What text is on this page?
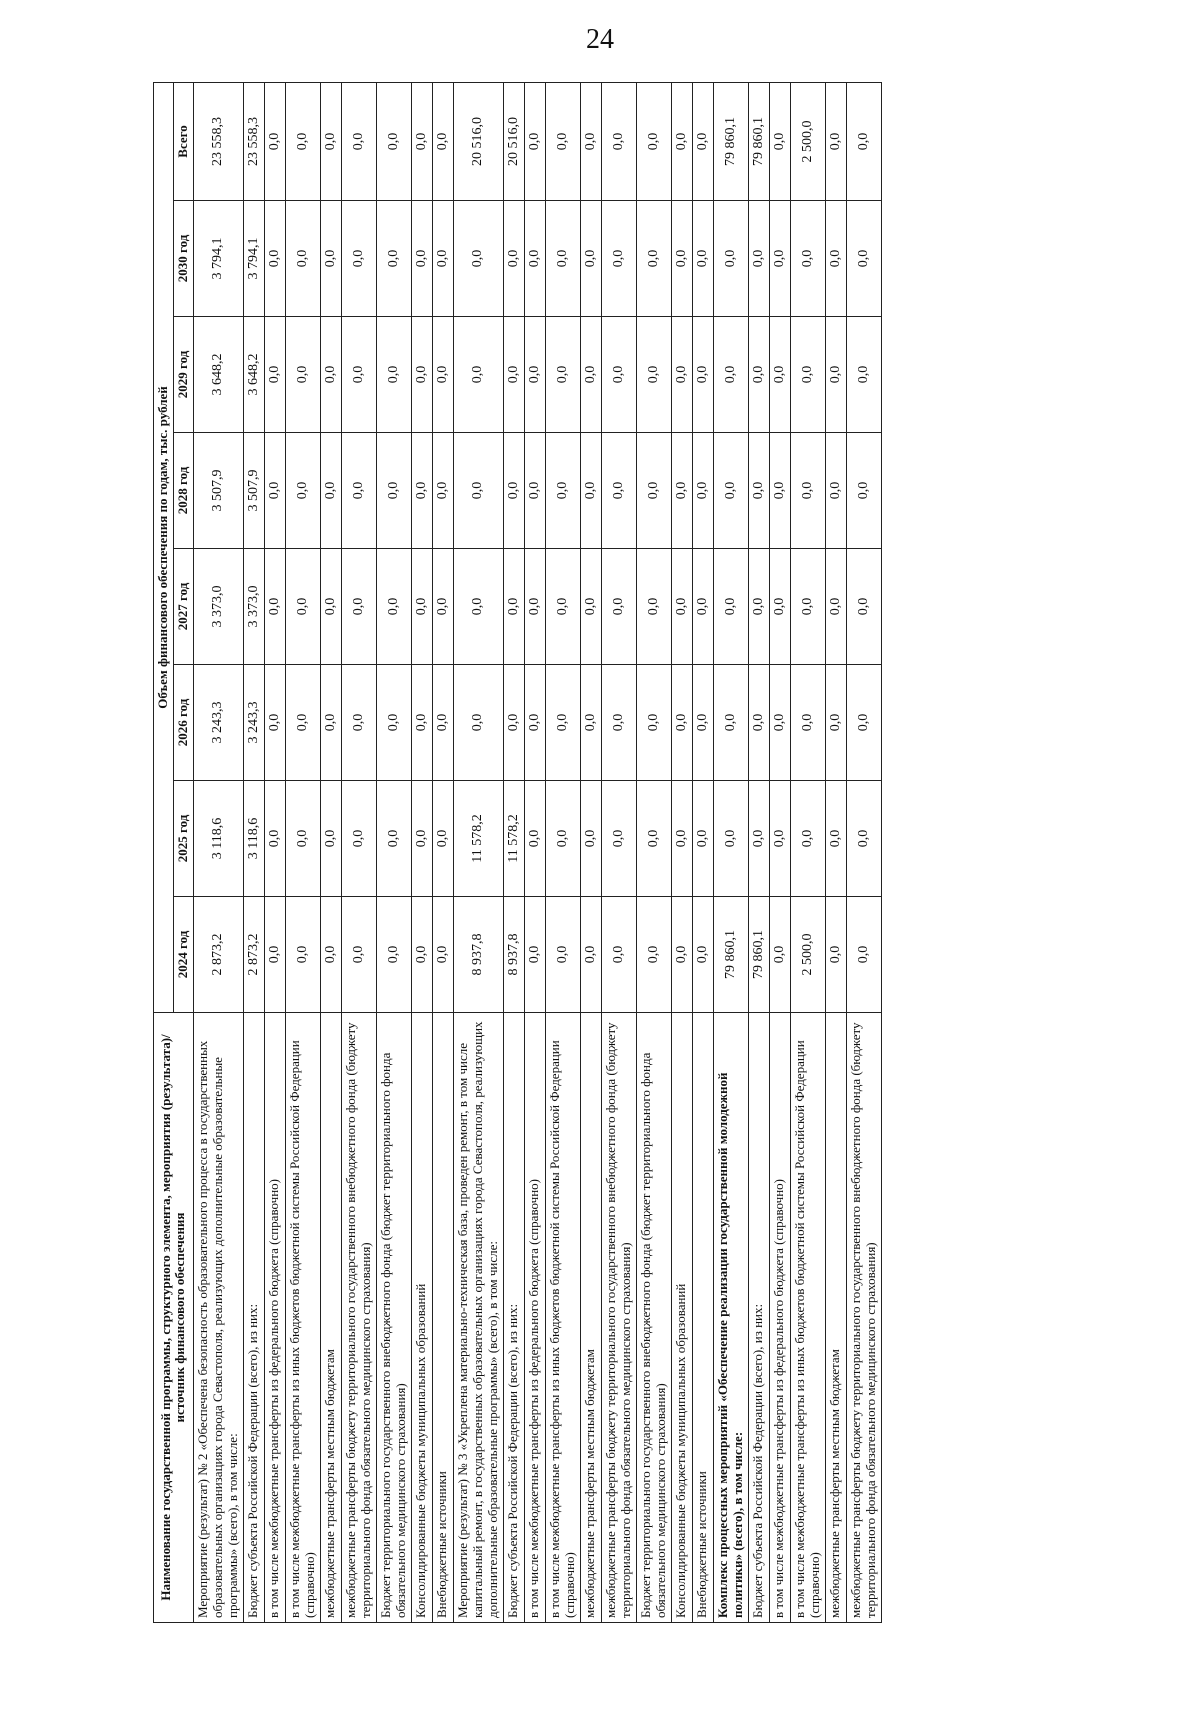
24
Наименование государственной программы, структурного элемента, мероприятия (результата)/источник финансового обеспечения	Объем финансового обеспечения по годам, тыс. рублей							
	2024 год	2025 год	2026 год	2027 год	2028 год	2029 год	2030 год	Всего
Мероприятие (результат) № 2 «Обеспечена безопасность образовательного процесса в государственных образовательных организациях города Севастополя, реализующих дополнительные образовательные программы» (всего), в том числе:	2 873,2	3 118,6	3 243,3	3 373,0	3 507,9	3 648,2	3 794,1	23 558,3
Бюджет субъекта Российской Федерации (всего), из них:	2 873,2	3 118,6	3 243,3	3 373,0	3 507,9	3 648,2	3 794,1	23 558,3
в том числе межбюджетные трансферты из федерального бюджета (справочно)	0,0	0,0	0,0	0,0	0,0	0,0	0,0	0,0
в том числе межбюджетные трансферты из иных бюджетов бюджетной системы Российской Федерации (справочно)	0,0	0,0	0,0	0,0	0,0	0,0	0,0	0,0
межбюджетные трансферты местным бюджетам	0,0	0,0	0,0	0,0	0,0	0,0	0,0	0,0
межбюджетные трансферты бюджету территориального государственного внебюджетного фонда (бюджету территориального фонда обязательного медицинского страхования)	0,0	0,0	0,0	0,0	0,0	0,0	0,0	0,0
Бюджет территориального государственного внебюджетного фонда (бюджет территориального фонда обязательного медицинского страхования)	0,0	0,0	0,0	0,0	0,0	0,0	0,0	0,0
Консолидированные бюджеты муниципальных образований	0,0	0,0	0,0	0,0	0,0	0,0	0,0	0,0
Внебюджетные источники	0,0	0,0	0,0	0,0	0,0	0,0	0,0	0,0
Мероприятие (результат) № 3 «Укреплена материально-техническая база, проведен ремонт, в том числе капитальный ремонт, в государственных образовательных организациях города Севастополя, реализующих дополнительные образовательные программы» (всего), в том числе:	8 937,8	11 578,2	0,0	0,0	0,0	0,0	0,0	20 516,0
Бюджет субъекта Российской Федерации (всего), из них:	8 937,8	11 578,2	0,0	0,0	0,0	0,0	0,0	20 516,0
в том числе межбюджетные трансферты из федерального бюджета (справочно)	0,0	0,0	0,0	0,0	0,0	0,0	0,0	0,0
в том числе межбюджетные трансферты из иных бюджетов бюджетной системы Российской Федерации (справочно)	0,0	0,0	0,0	0,0	0,0	0,0	0,0	0,0
межбюджетные трансферты местным бюджетам	0,0	0,0	0,0	0,0	0,0	0,0	0,0	0,0
межбюджетные трансферты бюджету территориального государственного внебюджетного фонда (бюджету территориального фонда обязательного медицинского страхования)	0,0	0,0	0,0	0,0	0,0	0,0	0,0	0,0
Бюджет территориального государственного внебюджетного фонда (бюджет территориального фонда обязательного медицинского страхования)	0,0	0,0	0,0	0,0	0,0	0,0	0,0	0,0
Консолидированные бюджеты муниципальных образований	0,0	0,0	0,0	0,0	0,0	0,0	0,0	0,0
Внебюджетные источники	0,0	0,0	0,0	0,0	0,0	0,0	0,0	0,0
Комплекс процессных мероприятий «Обеспечение реализации государственной молодежной политики» (всего), в том числе:	79 860,1	0,0	0,0	0,0	0,0	0,0	0,0	79 860,1
Бюджет субъекта Российской Федерации (всего), из них:	79 860,1	0,0	0,0	0,0	0,0	0,0	0,0	79 860,1
в том числе межбюджетные трансферты из федерального бюджета (справочно)	0,0	0,0	0,0	0,0	0,0	0,0	0,0	0,0
в том числе межбюджетные трансферты из иных бюджетов бюджетной системы Российской Федерации (справочно)	2 500,0	0,0	0,0	0,0	0,0	0,0	0,0	2 500,0
межбюджетные трансферты местным бюджетам	0,0	0,0	0,0	0,0	0,0	0,0	0,0	0,0
межбюджетные трансферты бюджету территориального государственного внебюджетного фонда (бюджету территориального фонда обязательного медицинского страхования)	0,0	0,0	0,0	0,0	0,0	0,0	0,0	0,0
